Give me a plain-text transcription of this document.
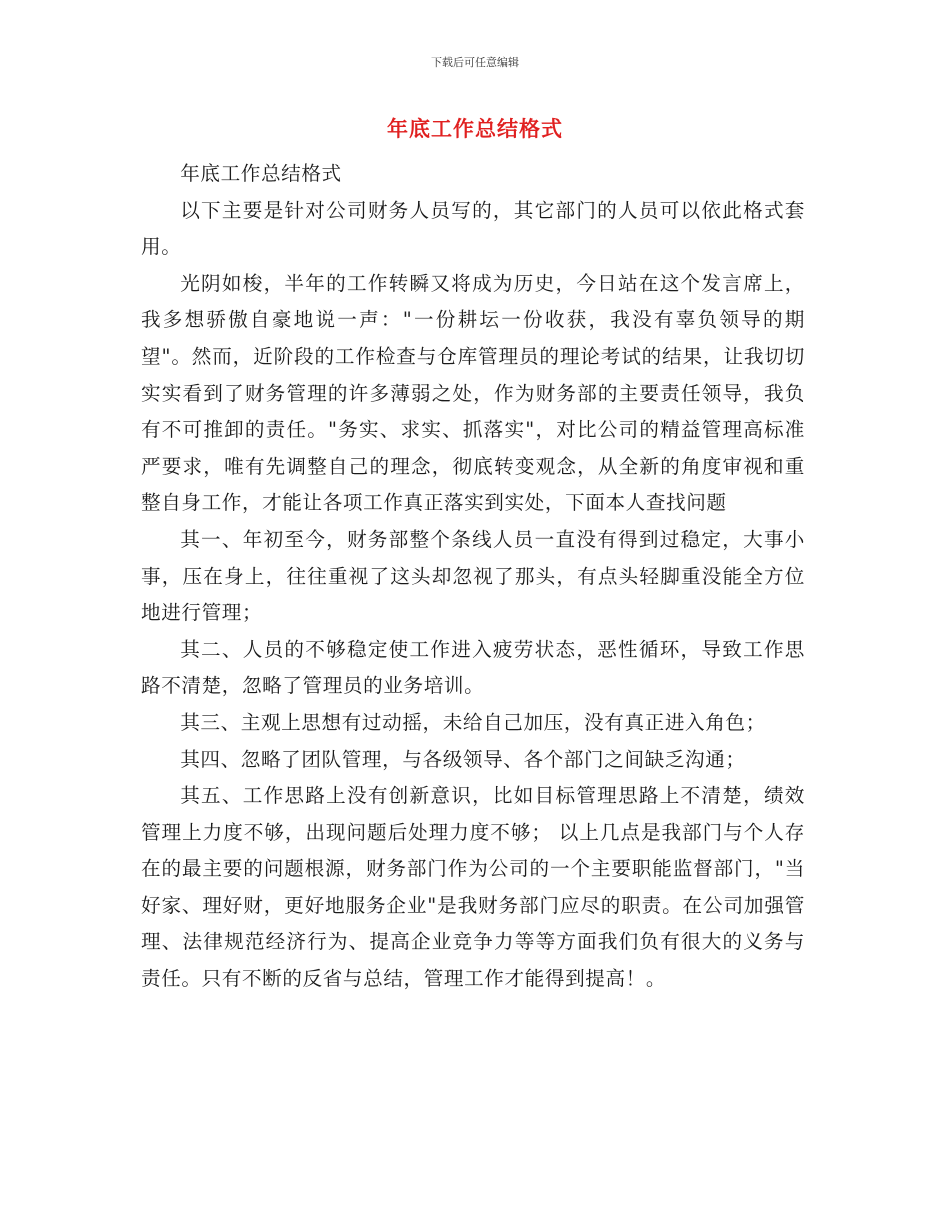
下载后可任意编辑
年底工作总结格式

年底工作总结格式

以下主要是针对公司财务人员写的，其它部门的人员可以依此格式套用。

光阴如梭，半年的工作转瞬又将成为历史，今日站在这个发言席上，我多想骄傲自豪地说一声："一份耕坛一份收获，我没有辜负领导的期望"。然而，近阶段的工作检查与仓库管理员的理论考试的结果，让我切切实实看到了财务管理的许多薄弱之处，作为财务部的主要责任领导，我负有不可推卸的责任。"务实、求实、抓落实"，对比公司的精益管理高标准严要求，唯有先调整自己的理念，彻底转变观念，从全新的角度审视和重整自身工作，才能让各项工作真正落实到实处，下面本人查找问题

其一、年初至今，财务部整个条线人员一直没有得到过稳定，大事小事，压在身上，往往重视了这头却忽视了那头，有点头轻脚重没能全方位地进行管理；

其二、人员的不够稳定使工作进入疲劳状态，恶性循环，导致工作思路不清楚，忽略了管理员的业务培训。

其三、主观上思想有过动摇，未给自己加压，没有真正进入角色；

其四、忽略了团队管理，与各级领导、各个部门之间缺乏沟通；

其五、工作思路上没有创新意识，比如目标管理思路上不清楚，绩效管理上力度不够，出现问题后处理力度不够； 以上几点是我部门与个人存在的最主要的问题根源，财务部门作为公司的一个主要职能监督部门，"当好家、理好财，更好地服务企业"是我财务部门应尽的职责。在公司加强管理、法律规范经济行为、提高企业竞争力等等方面我们负有很大的义务与责任。只有不断的反省与总结，管理工作才能得到提高！。
